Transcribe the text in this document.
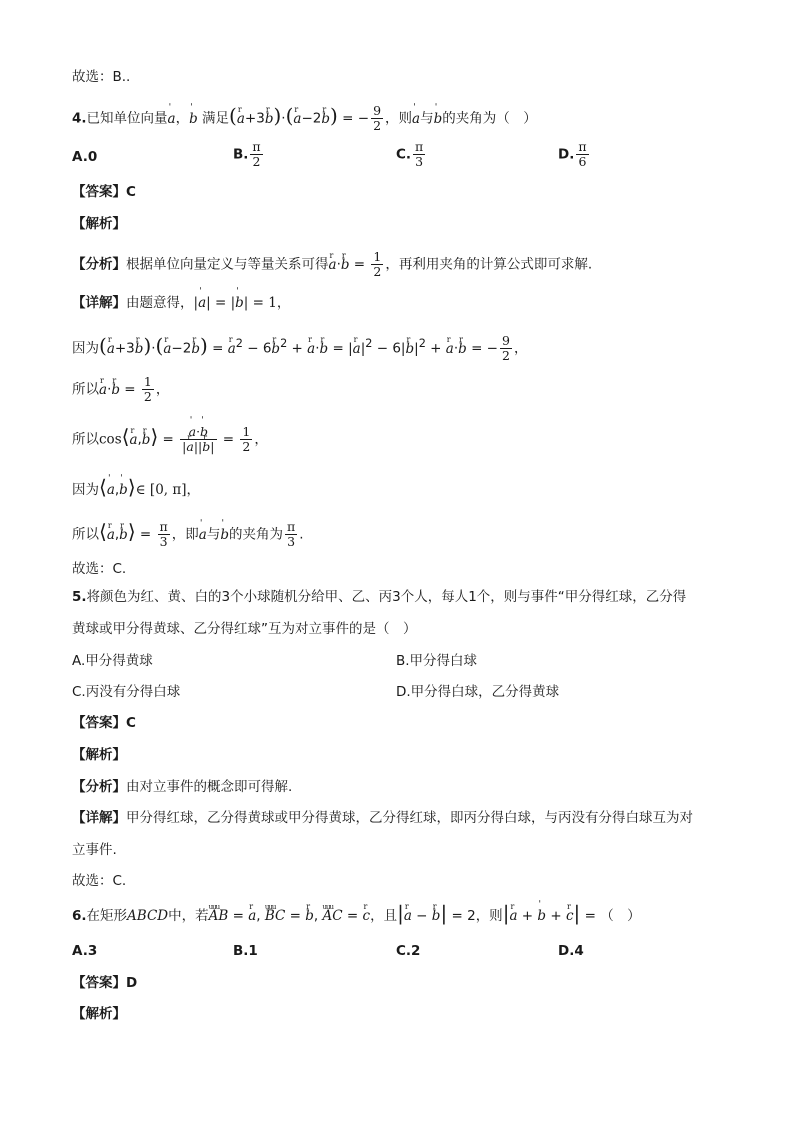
故选：B..
4.已知单位向量ˈ a，ˈ b 满足(r a+3r b)·(r a−2r b) = − $\frac{9}{2}$ ，则ˈ a与ˈ b的夹角为（　）
A.0	B. $\frac{\pi}{2}$	C. $\frac{\pi}{3}$	D. $\frac{\pi}{6}$
【答案】C
【解析】
【分析】根据单位向量定义与等量关系可得r a·r $b = \frac{1}{2}$ ，再利用夹角的计算公式即可求解.
【详解】由题意得，|ˈ a| = |ˈ b| = 1，
因为(r a+3r b)·(r a−2r b) = r $a^2 - 6r$ $b^2 + r$ a·r b = |r $a|^2 - 6|r$ $b|^2 + r$ a·r b = − $\frac{9}{2}$ ，
所以r a·r $b = \frac{1}{2}$ ，
所以cos⟨r a,r b⟩ =
ˈ $\frac{\text{a·ˈ b}}{\text{|r a||r b|}} = \frac{1}{2}$ ，
因为⟨ˈ a,ˈ b⟩∈ [0, π]，
所以⟨r a,r b⟩ = $\frac{\pi}{3}$ ，即ˈ a与ˈ b的夹角为 $\frac{\pi}{3}$ .
故选：C.
5.将颜色为红、黄、白的3个小球随机分给甲、乙、丙3个人，每人1个，则与事件“甲分得红球，乙分得
黄球或甲分得黄球、乙分得红球”互为对立事件的是（　）
A.甲分得黄球	B.甲分得白球
C.丙没有分得白球	D.甲分得白球，乙分得黄球
【答案】C
【解析】
【分析】由对立事件的概念即可得解.
【详解】甲分得红球，乙分得黄球或甲分得黄球，乙分得红球，即丙分得白球，与丙没有分得白球互为对
立事件.
故选：C.
6.在矩形ABCD中，若uuu AB = r a, uuu BC = r b, uuu AC = r c，且|r a − r b| = 2，则|r a + ˈ b + r c| = （　）
A.3	B.1	C.2	D.4
【答案】D
【解析】
